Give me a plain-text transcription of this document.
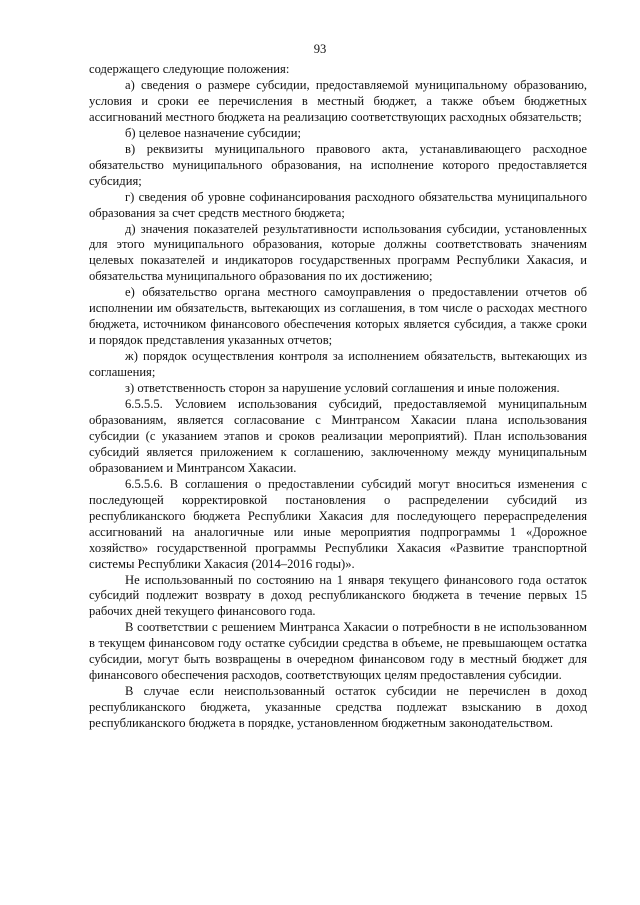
93

содержащего следующие положения:

а) сведения о размере субсидии, предоставляемой муниципальному образованию, условия и сроки ее перечисления в местный бюджет, а также объем бюджетных ассигнований местного бюджета на реализацию соответствующих расходных обязательств;

б) целевое назначение субсидии;

в) реквизиты муниципального правового акта, устанавливающего расходное обязательство муниципального образования, на исполнение которого предоставляется субсидия;

г) сведения об уровне софинансирования расходного обязательства муниципального образования за счет средств местного бюджета;

д) значения показателей результативности использования субсидии, установленных для этого муниципального образования, которые должны соответствовать значениям целевых показателей и индикаторов государственных программ Республики Хакасия, и обязательства муниципального образования по их достижению;

е) обязательство органа местного самоуправления о предоставлении отчетов об исполнении им обязательств, вытекающих из соглашения, в том числе о расходах местного бюджета, источником финансового обеспечения которых является субсидия, а также сроки и порядок представления указанных отчетов;

ж) порядок осуществления контроля за исполнением обязательств, вытекающих из соглашения;

з) ответственность сторон за нарушение условий соглашения и иные положения.

6.5.5.5. Условием использования субсидий, предоставляемой муниципальным образованиям, является согласование с Минтрансом Хакасии плана использования субсидии (с указанием этапов и сроков реализации мероприятий). План использования субсидий является приложением к соглашению, заключенному между муниципальным образованием и Минтрансом Хакасии.

6.5.5.6. В соглашения о предоставлении субсидий могут вноситься изменения с последующей корректировкой постановления о распределении субсидий из республиканского бюджета Республики Хакасия для последующего перераспределения ассигнований на аналогичные или иные мероприятия подпрограммы 1 «Дорожное хозяйство» государственной программы Республики Хакасия «Развитие транспортной системы Республики Хакасия (2014–2016 годы)».

Не использованный по состоянию на 1 января текущего финансового года остаток субсидий подлежит возврату в доход республиканского бюджета в течение первых 15 рабочих дней текущего финансового года.

В соответствии с решением Минтранса Хакасии о потребности в не использованном в текущем финансовом году остатке субсидии средства в объеме, не превышающем остатка субсидии, могут быть возвращены в очередном финансовом году в местный бюджет для финансового обеспечения расходов, соответствующих целям предоставления субсидии.

В случае если неиспользованный остаток субсидии не перечислен в доход республиканского бюджета, указанные средства подлежат взысканию в доход республиканского бюджета в порядке, установленном бюджетным законодательством.
